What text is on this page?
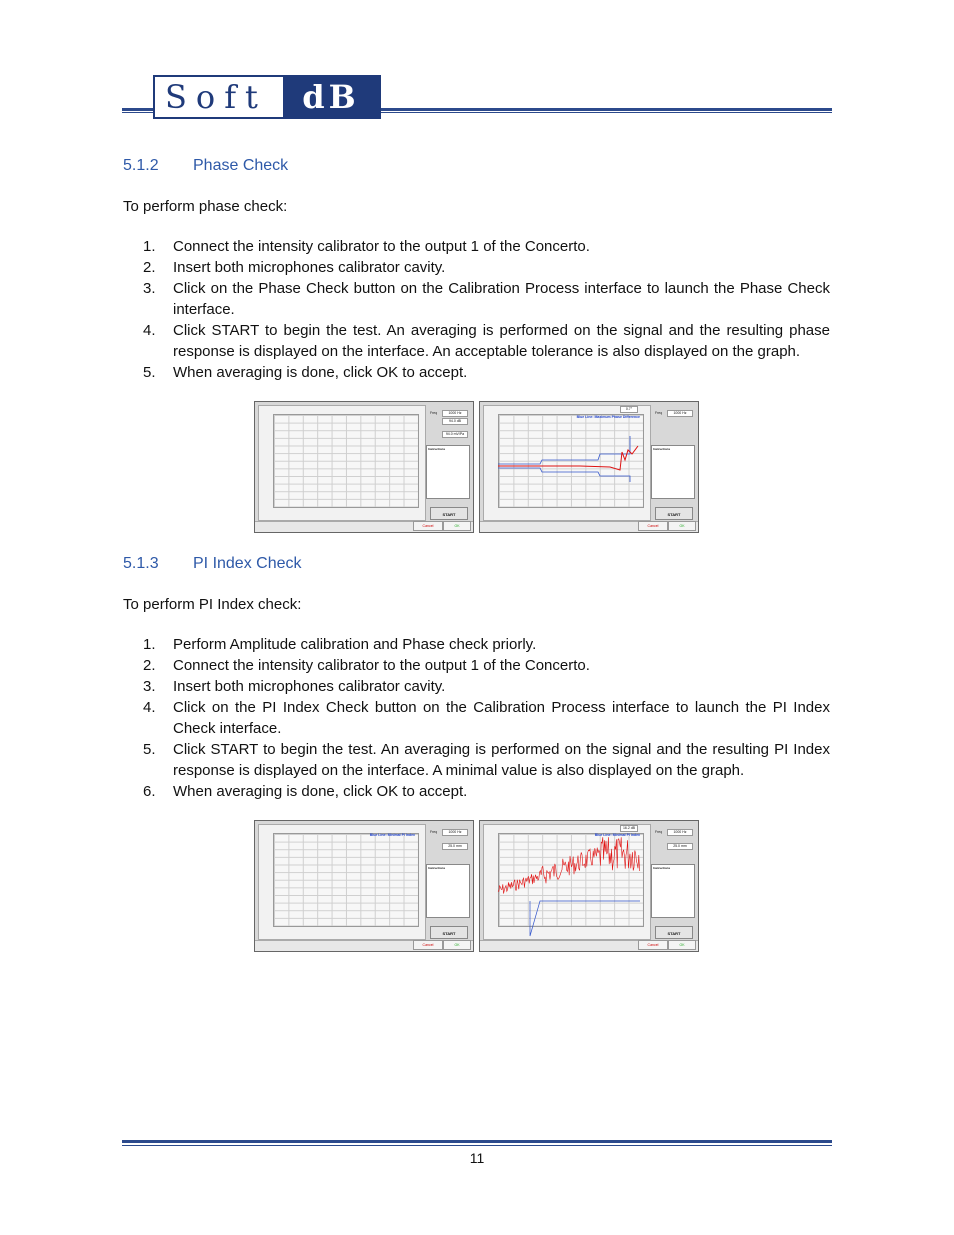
Soft	dB
5.1.2 Phase Check

To perform phase check:

1. Connect the intensity calibrator to the output 1 of the Concerto.
2. Insert both microphones calibrator cavity.
3. Click on the Phase Check button on the Calibration Process interface to launch the Phase Check interface.
4. Click START to begin the test. An averaging is performed on the signal and the resulting phase response is displayed on the interface. An acceptable tolerance is also displayed on the graph.
5. When averaging is done, click OK to accept.
Freq	1000 Hz
94.0 dB
94.0 mV/Pa
Instructions
START
Cancel	OK
Blue Line: Maximum Phase Difference
0.7°
Freq	1000 Hz
Instructions
START
Cancel	OK
5.1.3 PI Index Check

To perform PI Index check:

1. Perform Amplitude calibration and Phase check priorly.
2. Connect the intensity calibrator to the output 1 of the Concerto.
3. Insert both microphones calibrator cavity.
4. Click on the PI Index Check button on the Calibration Process interface to launch the PI Index Check interface.
5. Click START to begin the test. An averaging is performed on the signal and the resulting PI Index response is displayed on the interface. A minimal value is also displayed on the graph.
6. When averaging is done, click OK to accept.
Blue Line: Minimal PI Index
Freq	1000 Hz
25.0 mm
Instructions
START
Cancel	OK
Blue Line: Minimal PI Index
16.2 dB
Freq	1000 Hz
25.0 mm
Instructions
START
Cancel	OK
11
